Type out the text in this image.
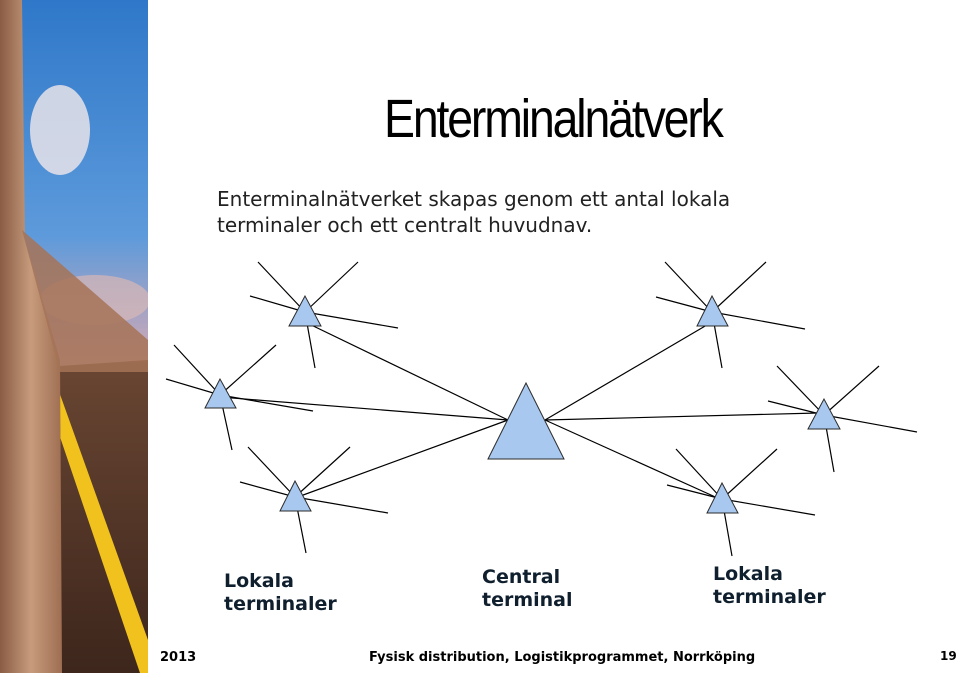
Enterminalnätverk
Enterminalnätverket skapas genom ett antal lokala
terminaler och ett centralt huvudnav.
Lokala
terminaler
Central
terminal
Lokala
terminaler
2013	Fysisk distribution, Logistikprogrammet, Norrköping	19
